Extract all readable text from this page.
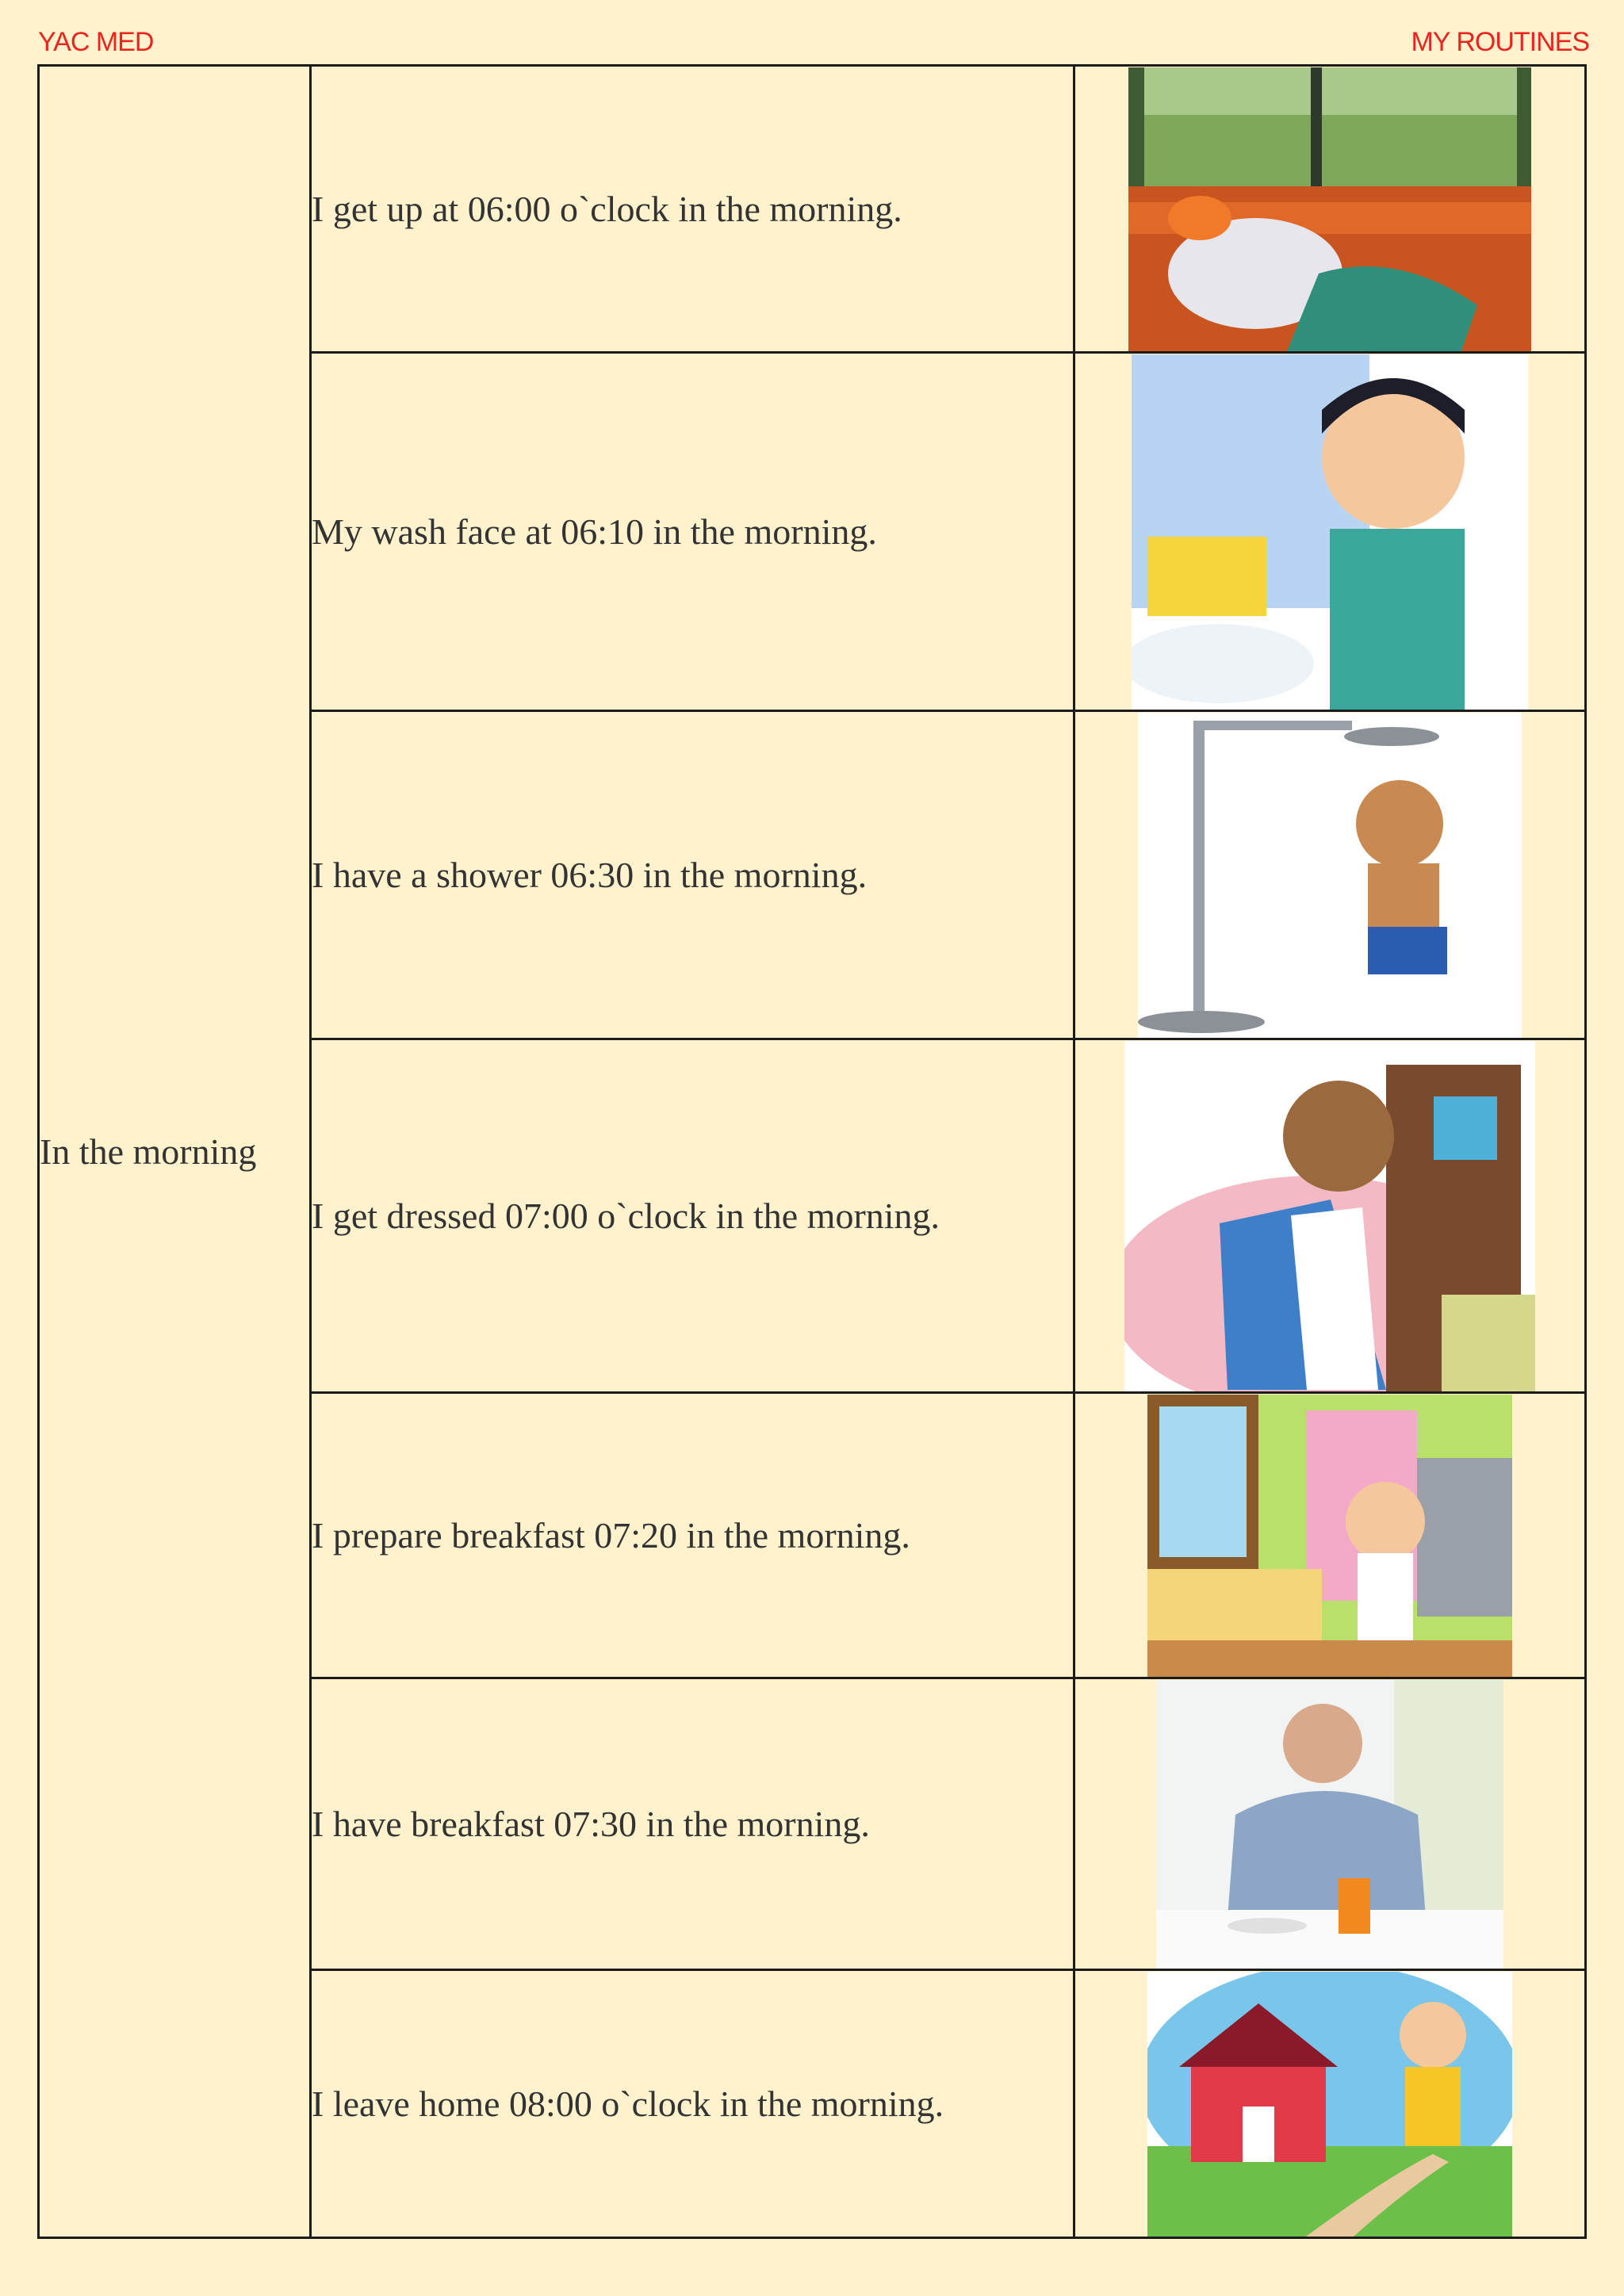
YAC MED	MY ROUTINES
In the morning	I get up at 06:00 o`clock in the morning.	

	My wash face at 06:10 in the morning.	

	I have a shower 06:30 in the morning.	

	I get dressed 07:00 o`clock in the morning.	

	I prepare breakfast 07:20 in the morning.	

	I have breakfast 07:30 in the morning.	

	I leave home 08:00 o`clock in the morning.	
